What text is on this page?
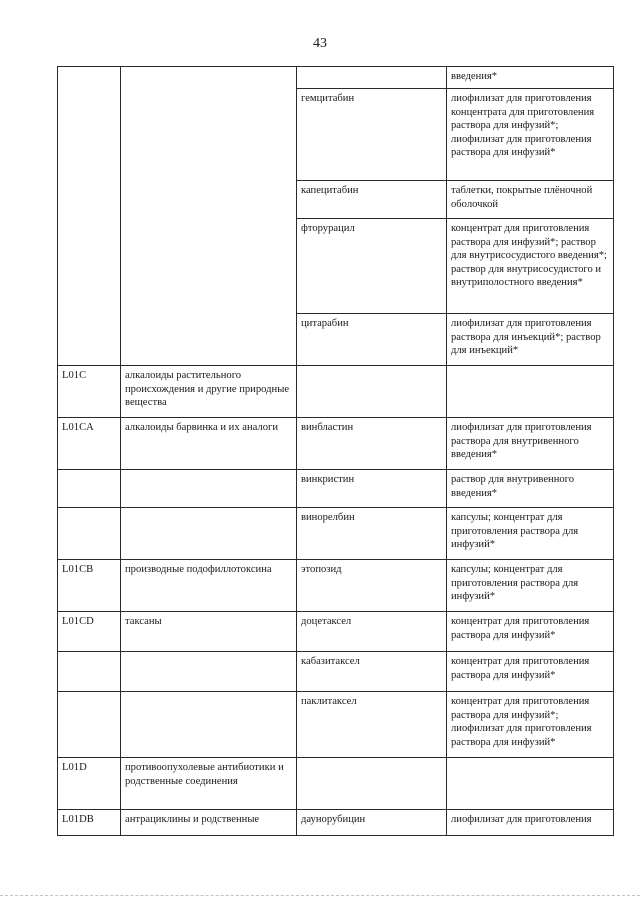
43
			введения*
		гемцитабин	лиофилизат для приготовления концентрата для приготовления раствора для инфузий*; лиофилизат для приготовления раствора для инфузий*
		капецитабин	таблетки, покрытые плёночной оболочкой
		фторурацил	концентрат для приготовления раствора для инфузий*; раствор для внутрисосудистого введения*; раствор для внутрисосудистого и внутриполостного введения*
		цитарабин	лиофилизат для приготовления раствора для инъекций*; раствор для инъекций*
L01C	алкалоиды растительного происхождения и другие природные вещества		
L01CA	алкалоиды барвинка и их аналоги	винбластин	лиофилизат для приготовления раствора для внутривенного введения*
		винкристин	раствор для внутривенного введения*
		винорелбин	капсулы; концентрат для приготовления раствора для инфузий*
L01CB	производные подофиллотоксина	этопозид	капсулы; концентрат для приготовления раствора для инфузий*
L01CD	таксаны	доцетаксел	концентрат для приготовления раствора для инфузий*
		кабазитаксел	концентрат для приготовления раствора для инфузий*
		паклитаксел	концентрат для приготовления раствора для инфузий*; лиофилизат для приготовления раствора для инфузий*
L01D	противоопухолевые антибиотики и родственные соединения		
L01DB	антрациклины и родственные	даунорубицин	лиофилизат для приготовления
